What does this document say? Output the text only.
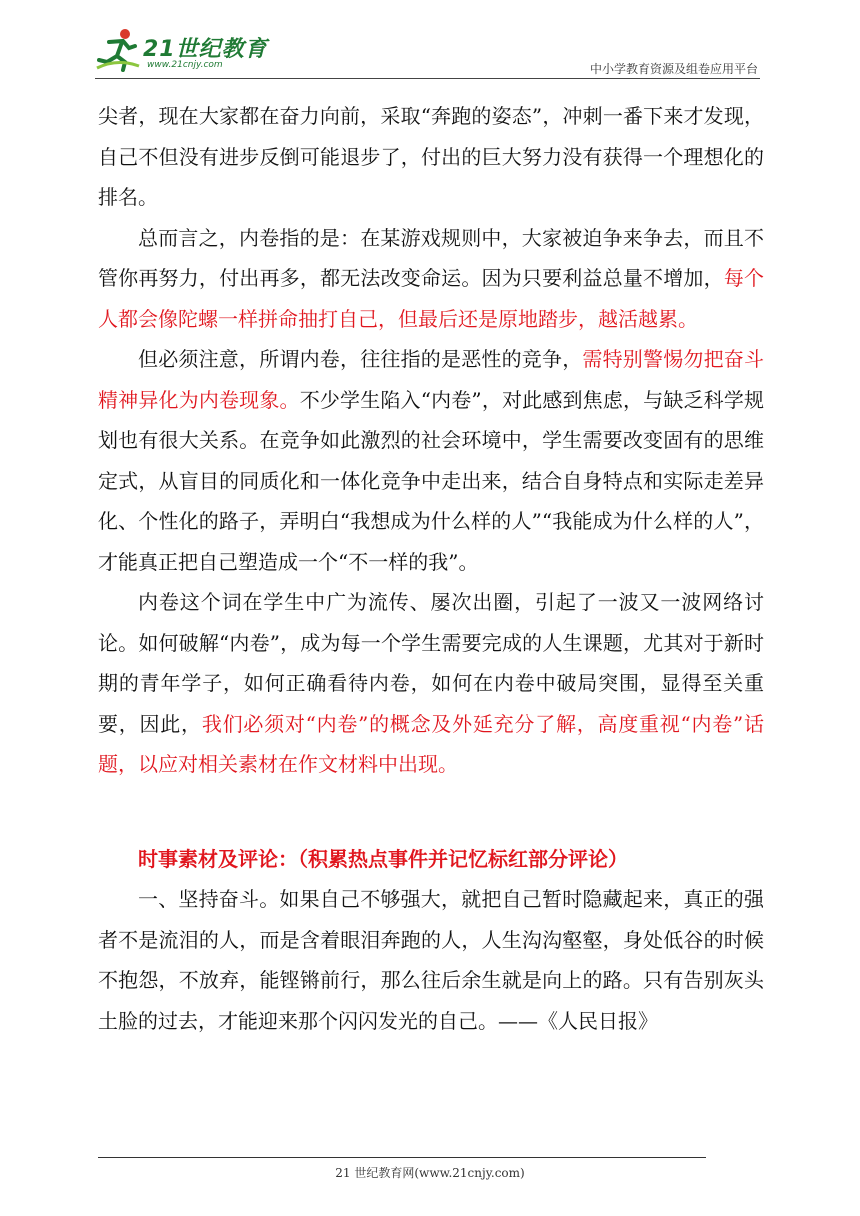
21世纪教育
www.21cnjy.com	中小学教育资源及组卷应用平台

尖者，现在大家都在奋力向前，采取“奔跑的姿态”，冲刺一番下来才发现，自己不但没有进步反倒可能退步了，付出的巨大努力没有获得一个理想化的排名。

总而言之，内卷指的是：在某游戏规则中，大家被迫争来争去，而且不管你再努力，付出再多，都无法改变命运。因为只要利益总量不增加，每个人都会像陀螺一样拼命抽打自己，但最后还是原地踏步，越活越累。

但必须注意，所谓内卷，往往指的是恶性的竞争，需特别警惕勿把奋斗精神异化为内卷现象。不少学生陷入“内卷”，对此感到焦虑，与缺乏科学规划也有很大关系。在竞争如此激烈的社会环境中，学生需要改变固有的思维定式，从盲目的同质化和一体化竞争中走出来，结合自身特点和实际走差异化、个性化的路子，弄明白“我想成为什么样的人”“我能成为什么样的人”，才能真正把自己塑造成一个“不一样的我”。

内卷这个词在学生中广为流传、屡次出圈，引起了一波又一波网络讨论。如何破解“内卷”，成为每一个学生需要完成的人生课题，尤其对于新时期的青年学子，如何正确看待内卷，如何在内卷中破局突围，显得至关重要，因此，我们必须对“内卷”的概念及外延充分了解，高度重视“内卷”话题，以应对相关素材在作文材料中出现。

时事素材及评论：（积累热点事件并记忆标红部分评论）

一、坚持奋斗。如果自己不够强大，就把自己暂时隐藏起来，真正的强者不是流泪的人，而是含着眼泪奔跑的人，人生沟沟壑壑，身处低谷的时候不抱怨，不放弃，能铿锵前行，那么往后余生就是向上的路。只有告别灰头土脸的过去，才能迎来那个闪闪发光的自己。——《人民日报》

21 世纪教育网(www.21cnjy.com)
